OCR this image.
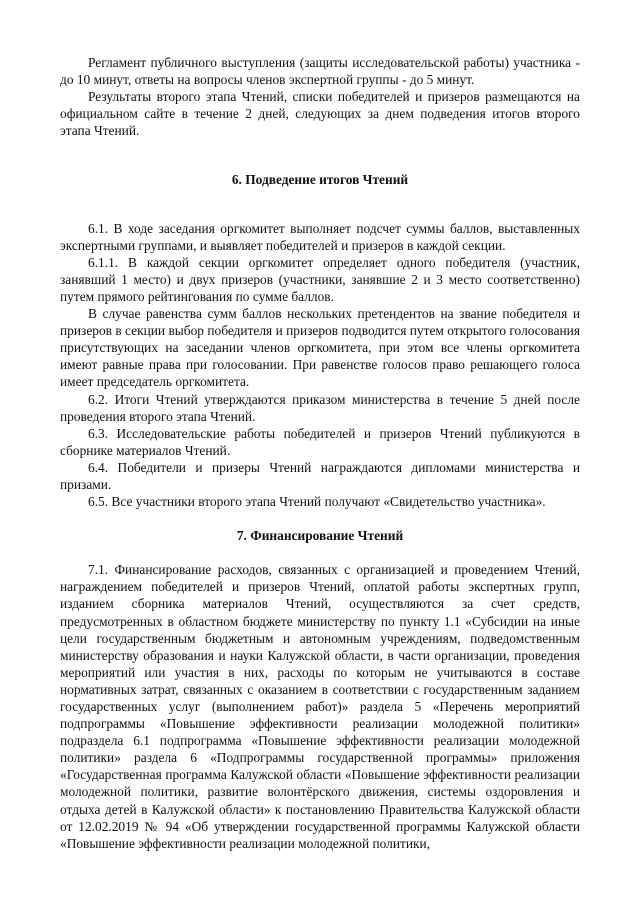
Регламент публичного выступления (защиты исследовательской работы) участника - до 10 минут, ответы на вопросы членов экспертной группы - до 5 минут.

Результаты второго этапа Чтений, списки победителей и призеров размещаются на официальном сайте в течение 2 дней, следующих за днем подведения итогов второго этапа Чтений.

6. Подведение итогов Чтений

6.1. В ходе заседания оргкомитет выполняет подсчет суммы баллов, выставленных экспертными группами, и выявляет победителей и призеров в каждой секции.

6.1.1. В каждой секции оргкомитет определяет одного победителя (участник, занявший 1 место) и двух призеров (участники, занявшие 2 и 3 место соответственно) путем прямого рейтингования по сумме баллов.

В случае равенства сумм баллов нескольких претендентов на звание победителя и призеров в секции выбор победителя и призеров подводится путем открытого голосования присутствующих на заседании членов оргкомитета, при этом все члены оргкомитета имеют равные права при голосовании. При равенстве голосов право решающего голоса имеет председатель оргкомитета.

6.2. Итоги Чтений утверждаются приказом министерства в течение 5 дней после проведения второго этапа Чтений.

6.3. Исследовательские работы победителей и призеров Чтений публикуются в сборнике материалов Чтений.

6.4. Победители и призеры Чтений награждаются дипломами министерства и призами.

6.5. Все участники второго этапа Чтений получают «Свидетельство участника».

7. Финансирование Чтений

7.1. Финансирование расходов, связанных с организацией и проведением Чтений, награждением победителей и призеров Чтений, оплатой работы экспертных групп, изданием сборника материалов Чтений, осуществляются за счет средств, предусмотренных в областном бюджете министерству по пункту 1.1 «Субсидии на иные цели государственным бюджетным и автономным учреждениям, подведомственным министерству образования и науки Калужской области, в части организации, проведения мероприятий или участия в них, расходы по которым не учитываются в составе нормативных затрат, связанных с оказанием в соответствии с государственным заданием государственных услуг (выполнением работ)» раздела 5 «Перечень мероприятий подпрограммы «Повышение эффективности реализации молодежной политики» подраздела 6.1 подпрограмма «Повышение эффективности реализации молодежной политики» раздела 6 «Подпрограммы государственной программы» приложения «Государственная программа Калужской области «Повышение эффективности реализации молодежной политики, развитие волонтёрского движения, системы оздоровления и отдыха детей в Калужской области» к постановлению Правительства Калужской области от 12.02.2019 № 94 «Об утверждении государственной программы Калужской области «Повышение эффективности реализации молодежной политики,
